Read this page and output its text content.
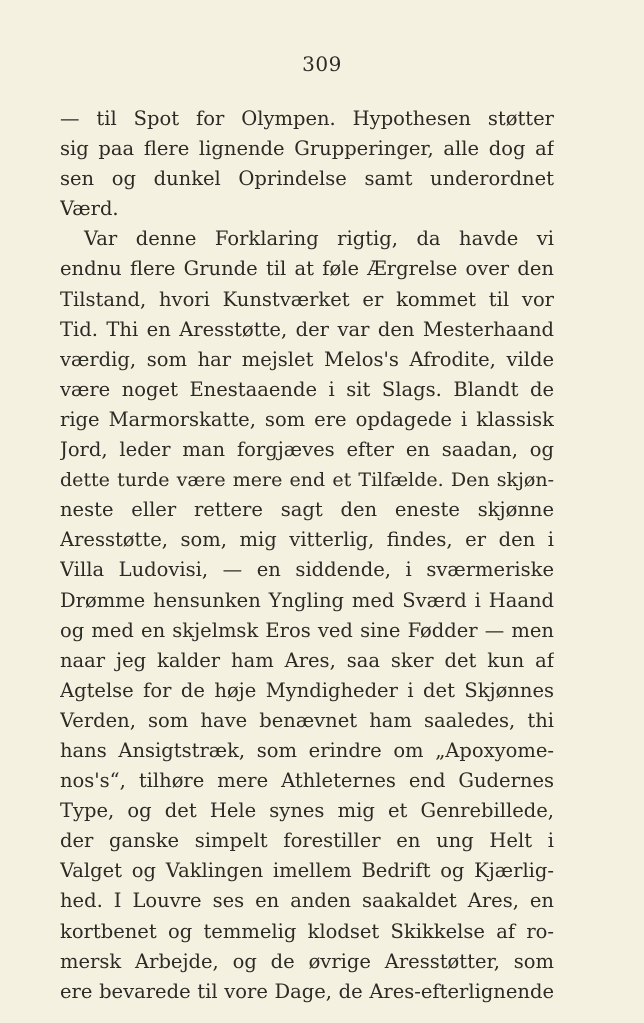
309
— til Spot for Olympen. Hypothesen støtter
sig paa flere lignende Grupperinger, alle dog af
sen og dunkel Oprindelse samt underordnet
Værd.
Var denne Forklaring rigtig, da havde vi
endnu flere Grunde til at føle Ærgrelse over den
Tilstand, hvori Kunstværket er kommet til vor
Tid. Thi en Aresstøtte, der var den Mesterhaand
værdig, som har mejslet Melos's Afrodite, vilde
være noget Enestaaende i sit Slags. Blandt de
rige Marmorskatte, som ere opdagede i klassisk
Jord, leder man forgjæves efter en saadan, og
dette turde være mere end et Tilfælde. Den skjøn-
neste eller rettere sagt den eneste skjønne
Aresstøtte, som, mig vitterlig, findes, er den i
Villa Ludovisi, — en siddende, i sværmeriske
Drømme hensunken Yngling med Sværd i Haand
og med en skjelmsk Eros ved sine Fødder — men
naar jeg kalder ham Ares, saa sker det kun af
Agtelse for de høje Myndigheder i det Skjønnes
Verden, som have benævnet ham saaledes, thi
hans Ansigtstræk, som erindre om „Apoxyome-
nos's“, tilhøre mere Athleternes end Gudernes
Type, og det Hele synes mig et Genrebillede,
der ganske simpelt forestiller en ung Helt i
Valget og Vaklingen imellem Bedrift og Kjærlig-
hed. I Louvre ses en anden saakaldet Ares, en
kortbenet og temmelig klodset Skikkelse af ro-
mersk Arbejde, og de øvrige Aresstøtter, som
ere bevarede til vore Dage, de Ares-efterlignende
